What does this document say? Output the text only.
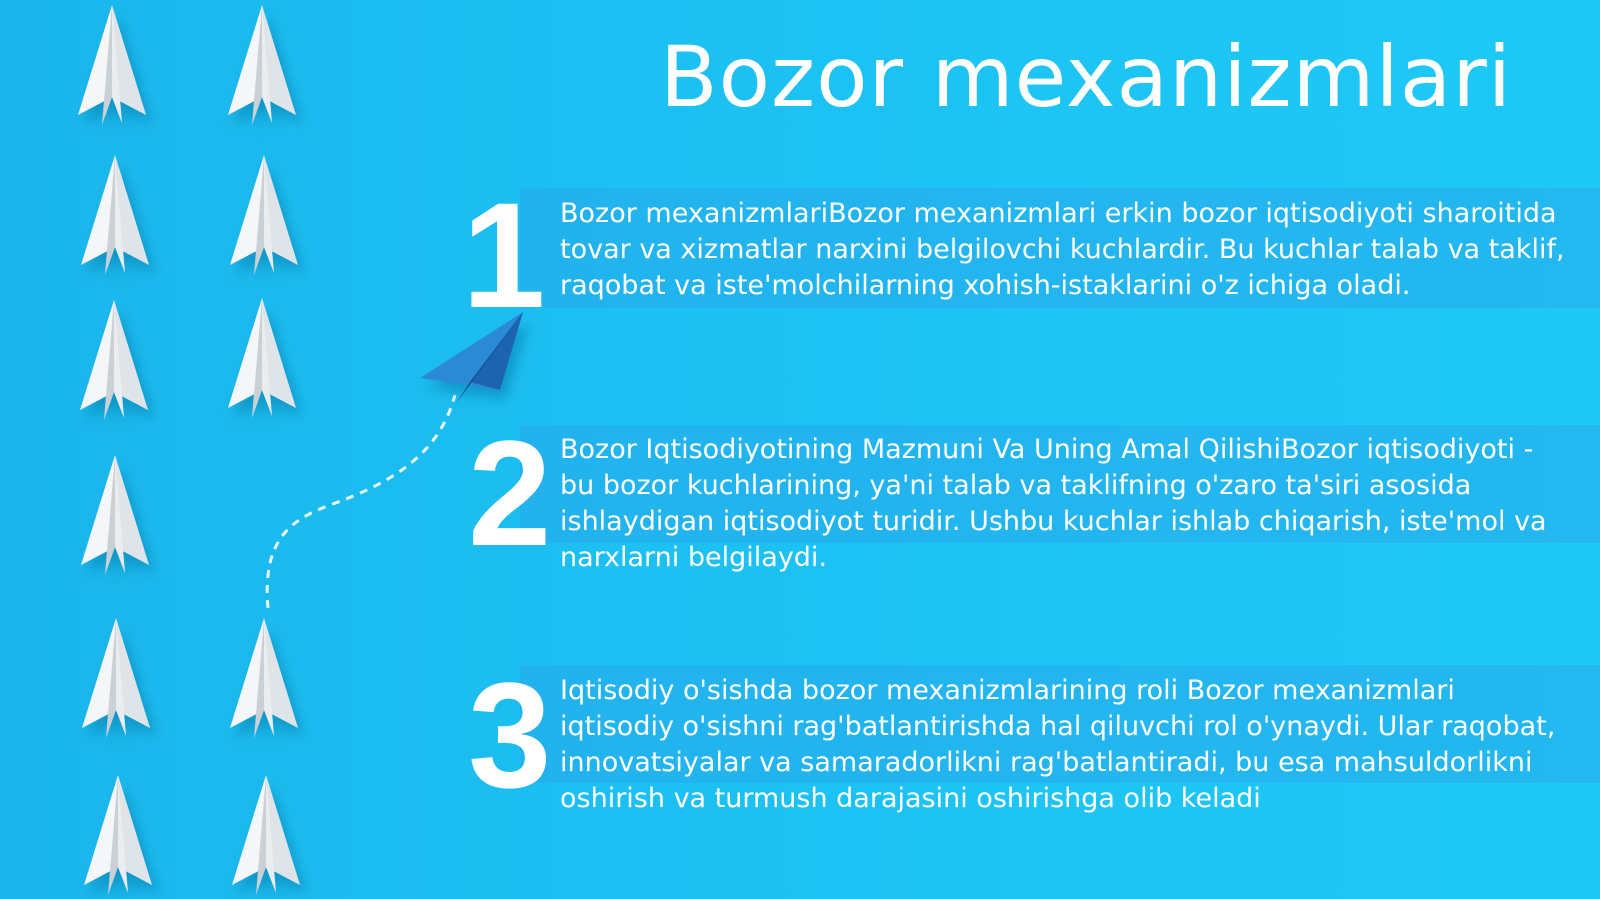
Bozor mexanizmlari
1 Bozor mexanizmlariBozor mexanizmlari erkin bozor iqtisodiyoti sharoitida tovar va xizmatlar narxini belgilovchi kuchlardir. Bu kuchlar talab va taklif, raqobat va iste'molchilarning xohish-istaklarini o'z ichiga oladi.
2 Bozor Iqtisodiyotining Mazmuni Va Uning Amal QilishiBozor iqtisodiyoti - bu bozor kuchlarining, ya'ni talab va taklifning o'zaro ta'siri asosida ishlaydigan iqtisodiyot turidir. Ushbu kuchlar ishlab chiqarish, iste'mol va narxlarni belgilaydi.
3 Iqtisodiy o'sishda bozor mexanizmlarining roli Bozor mexanizmlari iqtisodiy o'sishni rag'batlantirishda hal qiluvchi rol o'ynaydi. Ular raqobat, innovatsiyalar va samaradorlikni rag'batlantiradi, bu esa mahsuldorlikni oshirish va turmush darajasini oshirishga olib keladi
